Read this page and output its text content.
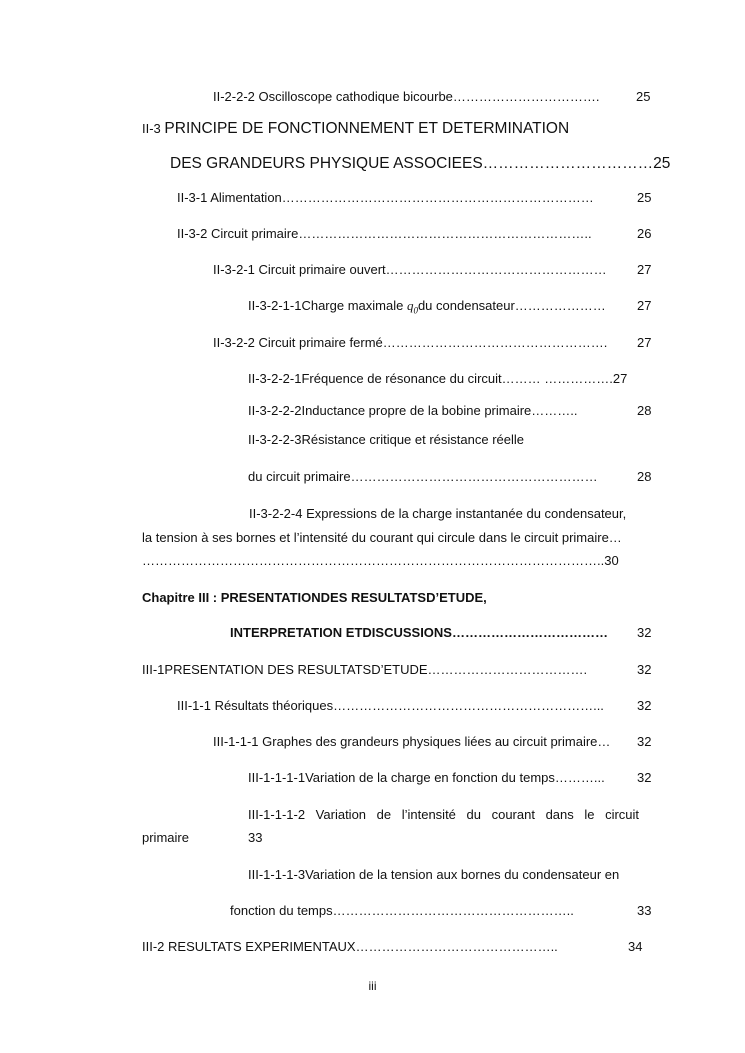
II-2-2-2 Oscilloscope cathodique bicourbe…………………………….	25
II-3 PRINCIPE DE FONCTIONNEMENT ET DETERMINATION
DES GRANDEURS PHYSIQUE ASSOCIEES……………………………25
II-3-1 Alimentation………………………………………………………………	25
II-3-2 Circuit primaire…………………………………………………………..	26
II-3-2-1 Circuit primaire ouvert…………………………………………… 27
II-3-2-1-1Charge maximale $q_0du$ condensateur………………… 27
II-3-2-2 Circuit primaire fermé……………………………………………. 27
II-3-2-2-1Fréquence de résonance du circuit……… …………….27
II-3-2-2-2Inductance propre de la bobine primaire………..	28
II-3-2-2-3Résistance critique et résistance réelle
du circuit primaire…………………………………………………	28
II-3-2-2-4 Expressions de la charge instantanée du condensateur,
la tension à ses bornes et l’intensité du courant qui circule dans le circuit primaire…
……………………………………………………………………………………………..30
Chapitre III : PRESENTATIONDES RESULTATSD’ETUDE,
INTERPRETATION ETDISCUSSIONS……………………………… 32
III-1PRESENTATION DES RESULTATSD’ETUDE……………………………….	32
III-1-1 Résultats théoriques……………………………………………………...	32
III-1-1-1 Graphes des grandeurs physiques liées au circuit primaire… 32
III-1-1-1-1Variation de la charge en fonction du temps………... 32
III-1-1-1-2 Variation de l’intensité du courant dans le circuit
primaire	33
III-1-1-1-3Variation de la tension aux bornes du condensateur en
fonction du temps………………………………………………..	33
III-2 RESULTATS EXPERIMENTAUX………………………………………..	34
iii
